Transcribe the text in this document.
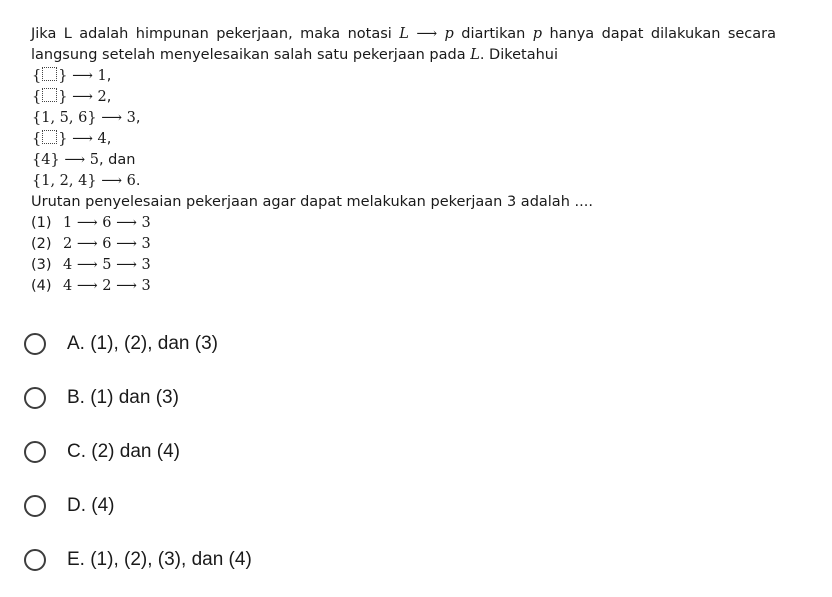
Jika L adalah himpunan pekerjaan, maka notasi L ⟶ p diartikan p hanya dapat dilakukan secara langsung setelah menyelesaikan salah satu pekerjaan pada L. Diketahui

{ } ⟶ 1,
{ } ⟶ 2,
{1, 5, 6} ⟶ 3,
{ } ⟶ 4,
{4} ⟶ 5, dan
{1, 2, 4} ⟶ 6.
Urutan penyelesaian pekerjaan agar dapat melakukan pekerjaan 3 adalah ....
(1) 1 ⟶ 6 ⟶ 3
(2) 2 ⟶ 6 ⟶ 3
(3) 4 ⟶ 5 ⟶ 3
(4) 4 ⟶ 2 ⟶ 3
A. (1), (2), dan (3)
B. (1) dan (3)
C. (2) dan (4)
D. (4)
E. (1), (2), (3), dan (4)
